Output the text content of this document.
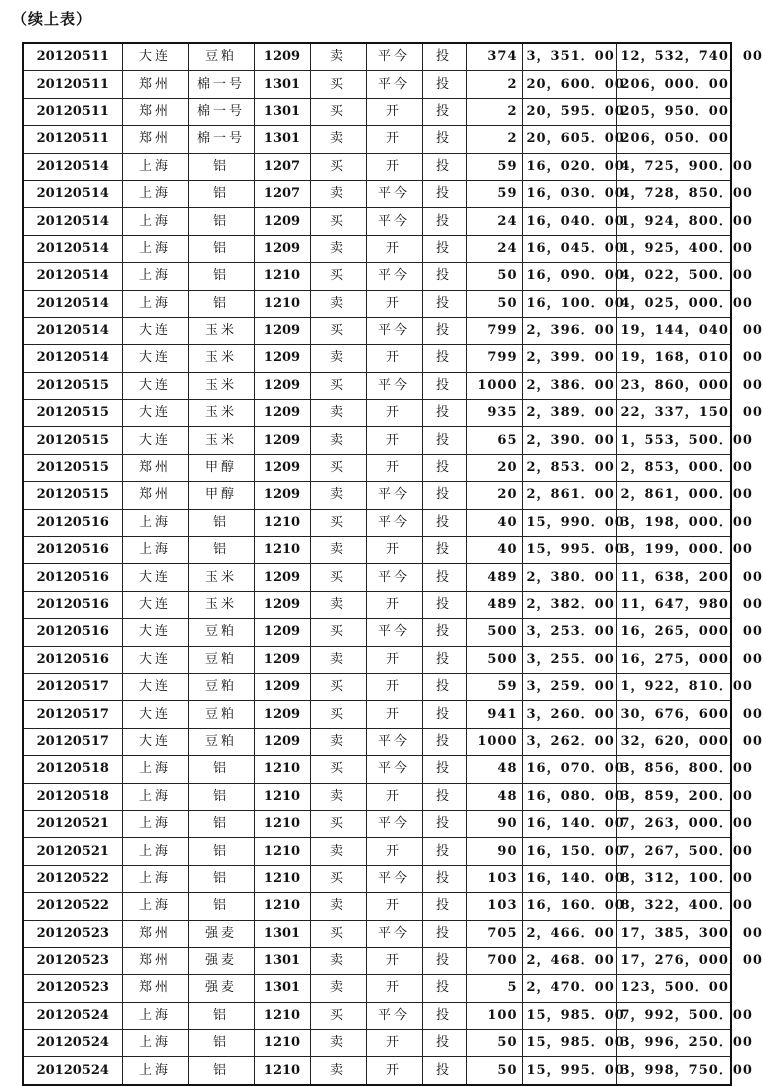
（续上表）
20120511	大连	豆粕	1209	卖	平今	投	374	3，351．00	12，532，740．00
20120511	郑州	棉一号	1301	买	平今	投	2	20，600．00	206，000．00
20120511	郑州	棉一号	1301	买	开	投	2	20，595．00	205，950．00
20120511	郑州	棉一号	1301	卖	开	投	2	20，605．00	206，050．00
20120514	上海	铝	1207	买	开	投	59	16，020．00	4，725，900．00
20120514	上海	铝	1207	卖	平今	投	59	16，030．00	4，728，850．00
20120514	上海	铝	1209	买	平今	投	24	16，040．00	1，924，800．00
20120514	上海	铝	1209	卖	开	投	24	16，045．00	1，925，400．00
20120514	上海	铝	1210	买	平今	投	50	16，090．00	4，022，500．00
20120514	上海	铝	1210	卖	开	投	50	16，100．00	4，025，000．00
20120514	大连	玉米	1209	买	平今	投	799	2，396．00	19，144，040．00
20120514	大连	玉米	1209	卖	开	投	799	2，399．00	19，168，010．00
20120515	大连	玉米	1209	买	平今	投	1000	2，386．00	23，860，000．00
20120515	大连	玉米	1209	卖	开	投	935	2，389．00	22，337，150．00
20120515	大连	玉米	1209	卖	开	投	65	2，390．00	1，553，500．00
20120515	郑州	甲醇	1209	买	开	投	20	2，853．00	2，853，000．00
20120515	郑州	甲醇	1209	卖	平今	投	20	2，861．00	2，861，000．00
20120516	上海	铝	1210	买	平今	投	40	15，990．00	3，198，000．00
20120516	上海	铝	1210	卖	开	投	40	15，995．00	3，199，000．00
20120516	大连	玉米	1209	买	平今	投	489	2，380．00	11，638，200．00
20120516	大连	玉米	1209	卖	开	投	489	2，382．00	11，647，980．00
20120516	大连	豆粕	1209	买	平今	投	500	3，253．00	16，265，000．00
20120516	大连	豆粕	1209	卖	开	投	500	3，255．00	16，275，000．00
20120517	大连	豆粕	1209	买	开	投	59	3，259．00	1，922，810．00
20120517	大连	豆粕	1209	买	开	投	941	3，260．00	30，676，600．00
20120517	大连	豆粕	1209	卖	平今	投	1000	3，262．00	32，620，000．00
20120518	上海	铝	1210	买	平今	投	48	16，070．00	3，856，800．00
20120518	上海	铝	1210	卖	开	投	48	16，080．00	3，859，200．00
20120521	上海	铝	1210	买	平今	投	90	16，140．00	7，263，000．00
20120521	上海	铝	1210	卖	开	投	90	16，150．00	7，267，500．00
20120522	上海	铝	1210	买	平今	投	103	16，140．00	8，312，100．00
20120522	上海	铝	1210	卖	开	投	103	16，160．00	8，322，400．00
20120523	郑州	强麦	1301	买	平今	投	705	2，466．00	17，385，300．00
20120523	郑州	强麦	1301	卖	开	投	700	2，468．00	17，276，000．00
20120523	郑州	强麦	1301	卖	开	投	5	2，470．00	123，500．00
20120524	上海	铝	1210	买	平今	投	100	15，985．00	7，992，500．00
20120524	上海	铝	1210	卖	开	投	50	15，985．00	3，996，250．00
20120524	上海	铝	1210	卖	开	投	50	15，995．00	3，998，750．00
